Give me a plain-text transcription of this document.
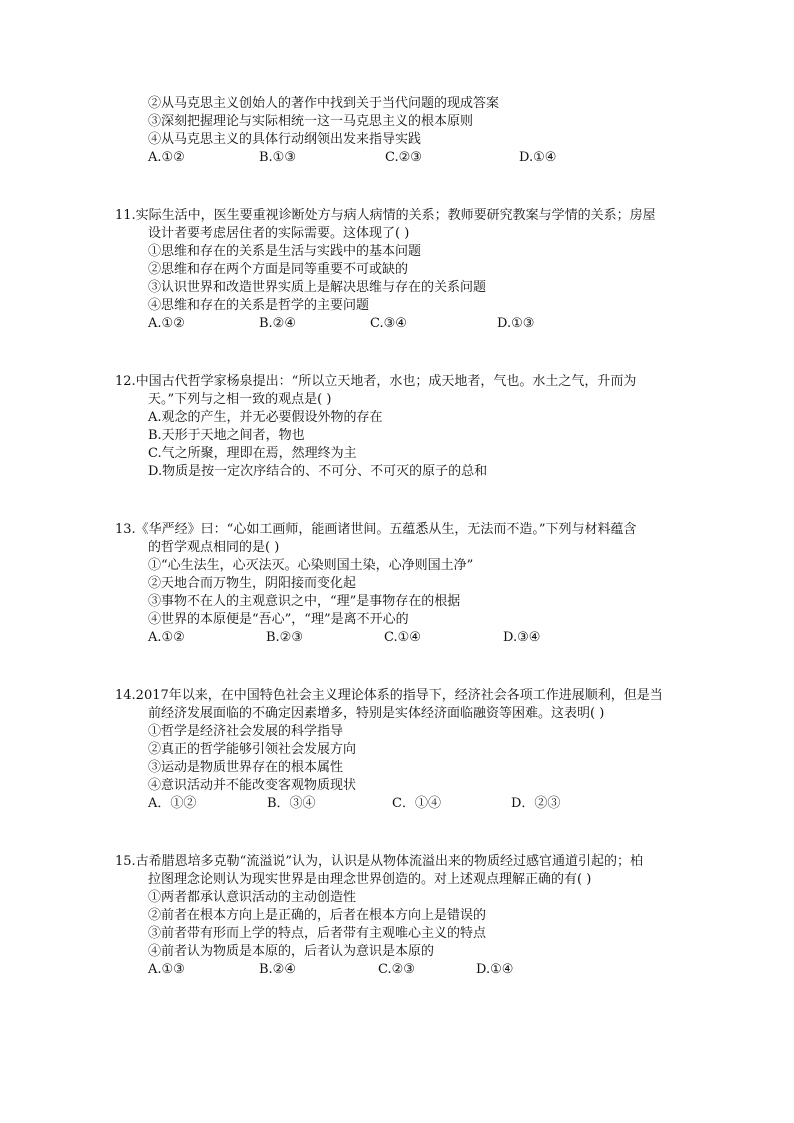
②从马克思主义创始人的著作中找到关于当代问题的现成答案
③深刻把握理论与实际相统一这一马克思主义的根本原则
④从马克思主义的具体行动纲领出发来指导实践
A.①②	B.①③	C.②③	D.①④
11.实际生活中，医生要重视诊断处方与病人病情的关系；教师要研究教案与学情的关系；房屋
设计者要考虑居住者的实际需要。这体现了( )
①思维和存在的关系是生活与实践中的基本问题
②思维和存在两个方面是同等重要不可或缺的
③认识世界和改造世界实质上是解决思维与存在的关系问题
④思维和存在的关系是哲学的主要问题
A.①②	B.②④	C.③④	D.①③
12.中国古代哲学家杨泉提出：“所以立天地者，水也；成天地者，气也。水土之气，升而为
天。”下列与之相一致的观点是( )
A.观念的产生，并无必要假设外物的存在
B.天形于天地之间者，物也
C.气之所聚，理即在焉，然理终为主
D.物质是按一定次序结合的、不可分、不可灭的原子的总和
13.《华严经》曰：“心如工画师，能画诸世间。五蕴悉从生，无法而不造。”下列与材料蕴含
的哲学观点相同的是( )
①“心生法生，心灭法灭。心染则国土染，心净则国土净”
②天地合而万物生，阴阳接而变化起
③事物不在人的主观意识之中，“理”是事物存在的根据
④世界的本原便是“吾心”，“理”是离不开心的
A.①②	B.②③	C.①④	D.③④
14.2017年以来，在中国特色社会主义理论体系的指导下，经济社会各项工作进展顺利，但是当
前经济发展面临的不确定因素增多，特别是实体经济面临融资等困难。这表明( )
①哲学是经济社会发展的科学指导
②真正的哲学能够引领社会发展方向
③运动是物质世界存在的根本属性
④意识活动并不能改变客观物质现状
A．①②	B．③④	C．①④	D．②③
15.古希腊恩培多克勒“流溢说”认为，认识是从物体流溢出来的物质经过感官通道引起的；柏
拉图理念论则认为现实世界是由理念世界创造的。对上述观点理解正确的有( )
①两者都承认意识活动的主动创造性
②前者在根本方向上是正确的，后者在根本方向上是错误的
③前者带有形而上学的特点，后者带有主观唯心主义的特点
④前者认为物质是本原的，后者认为意识是本原的
A.①③	B.②④	C.②③	D.①④
